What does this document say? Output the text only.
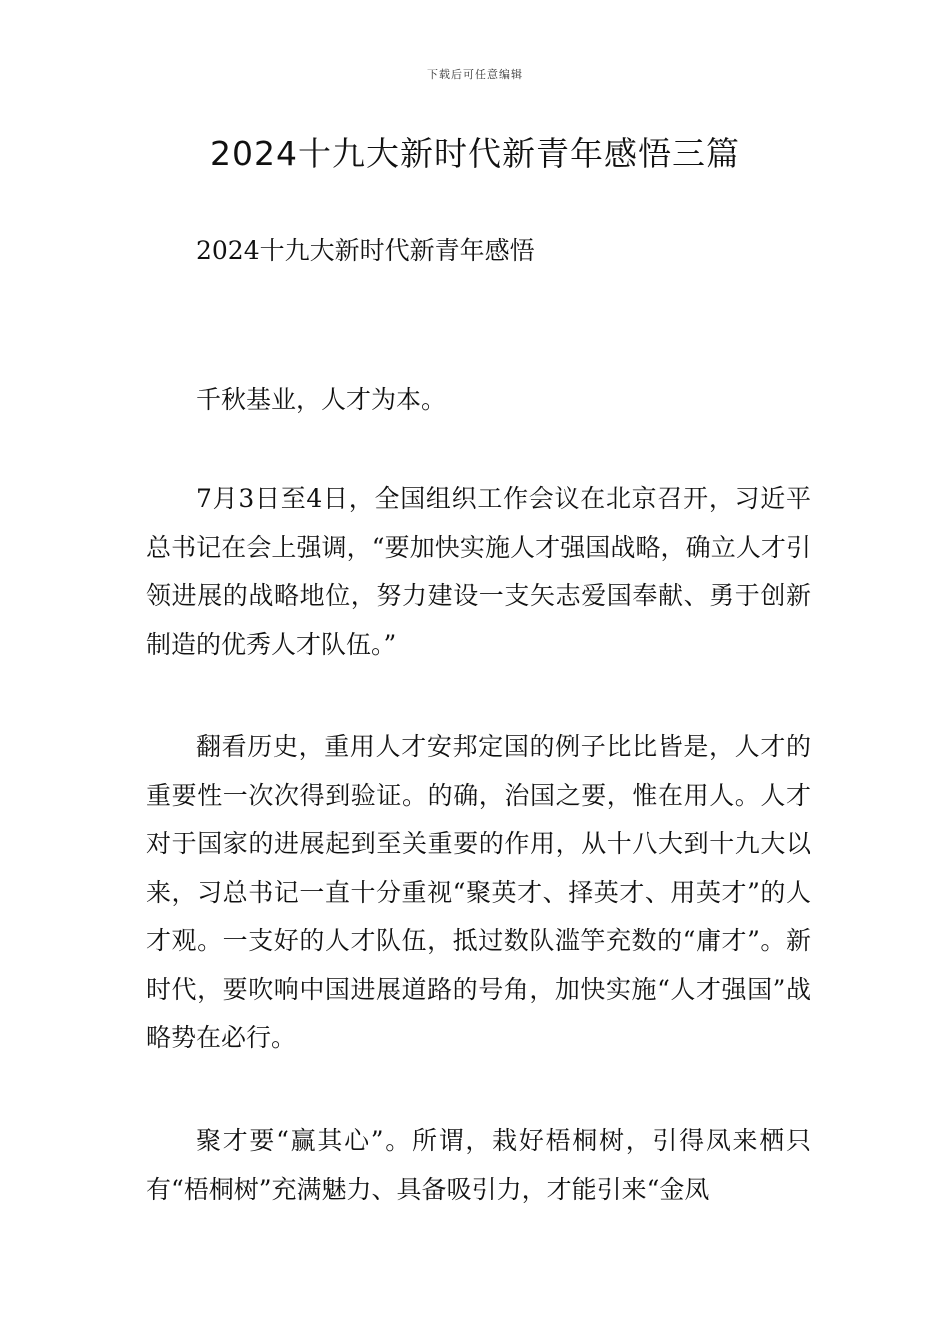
下载后可任意编辑
2024十九大新时代新青年感悟三篇

2024十九大新时代新青年感悟

千秋基业，人才为本。

7月3日至4日，全国组织工作会议在北京召开，习近平总书记在会上强调，“要加快实施人才强国战略，确立人才引领进展的战略地位，努力建设一支矢志爱国奉献、勇于创新制造的优秀人才队伍。”

翻看历史，重用人才安邦定国的例子比比皆是，人才的重要性一次次得到验证。的确，治国之要，惟在用人。人才对于国家的进展起到至关重要的作用，从十八大到十九大以来，习总书记一直十分重视“聚英才、择英才、用英才”的人才观。一支好的人才队伍，抵过数队滥竽充数的“庸才”。新时代，要吹响中国进展道路的号角，加快实施“人才强国”战略势在必行。

聚才要“赢其心”。所谓，栽好梧桐树，引得凤来栖只有“梧桐树”充满魅力、具备吸引力，才能引来“金凤
